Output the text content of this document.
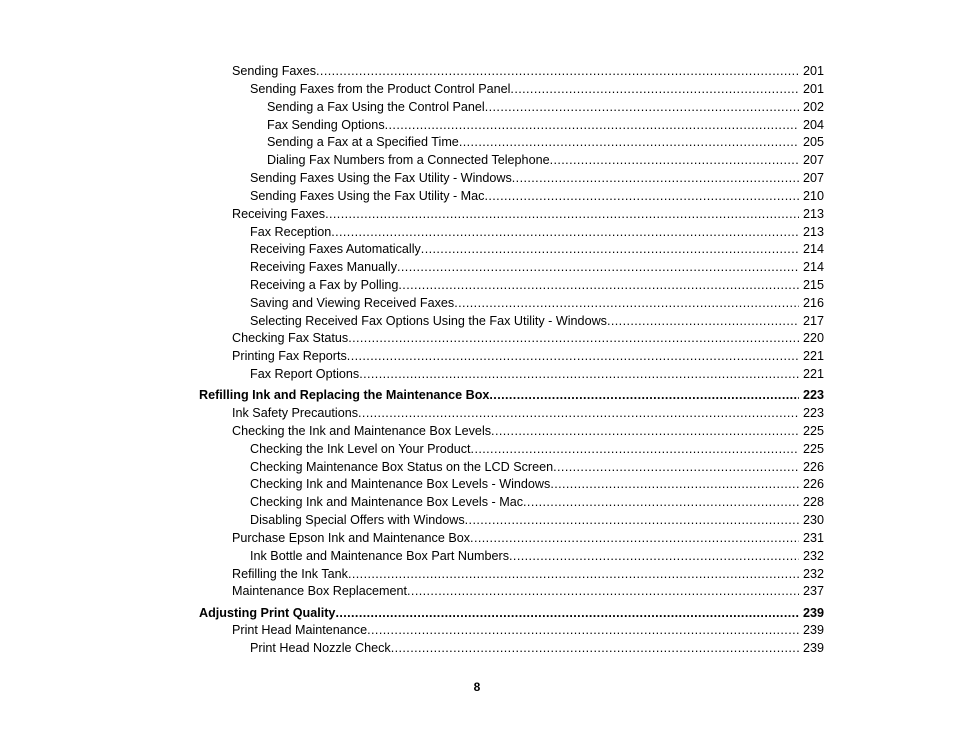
Sending Faxes .....	201
Sending Faxes from the Product Control Panel .....	201
Sending a Fax Using the Control Panel .....	202
Fax Sending Options .....	204
Sending a Fax at a Specified Time .....	205
Dialing Fax Numbers from a Connected Telephone .....	207
Sending Faxes Using the Fax Utility - Windows .....	207
Sending Faxes Using the Fax Utility - Mac .....	210
Receiving Faxes .....	213
Fax Reception .....	213
Receiving Faxes Automatically .....	214
Receiving Faxes Manually .....	214
Receiving a Fax by Polling .....	215
Saving and Viewing Received Faxes .....	216
Selecting Received Fax Options Using the Fax Utility - Windows .....	217
Checking Fax Status .....	220
Printing Fax Reports .....	221
Fax Report Options .....	221
Refilling Ink and Replacing the Maintenance Box .....	223
Ink Safety Precautions .....	223
Checking the Ink and Maintenance Box Levels .....	225
Checking the Ink Level on Your Product .....	225
Checking Maintenance Box Status on the LCD Screen .....	226
Checking Ink and Maintenance Box Levels - Windows .....	226
Checking Ink and Maintenance Box Levels - Mac .....	228
Disabling Special Offers with Windows .....	230
Purchase Epson Ink and Maintenance Box .....	231
Ink Bottle and Maintenance Box Part Numbers .....	232
Refilling the Ink Tank .....	232
Maintenance Box Replacement .....	237
Adjusting Print Quality .....	239
Print Head Maintenance .....	239
Print Head Nozzle Check .....	239
8
